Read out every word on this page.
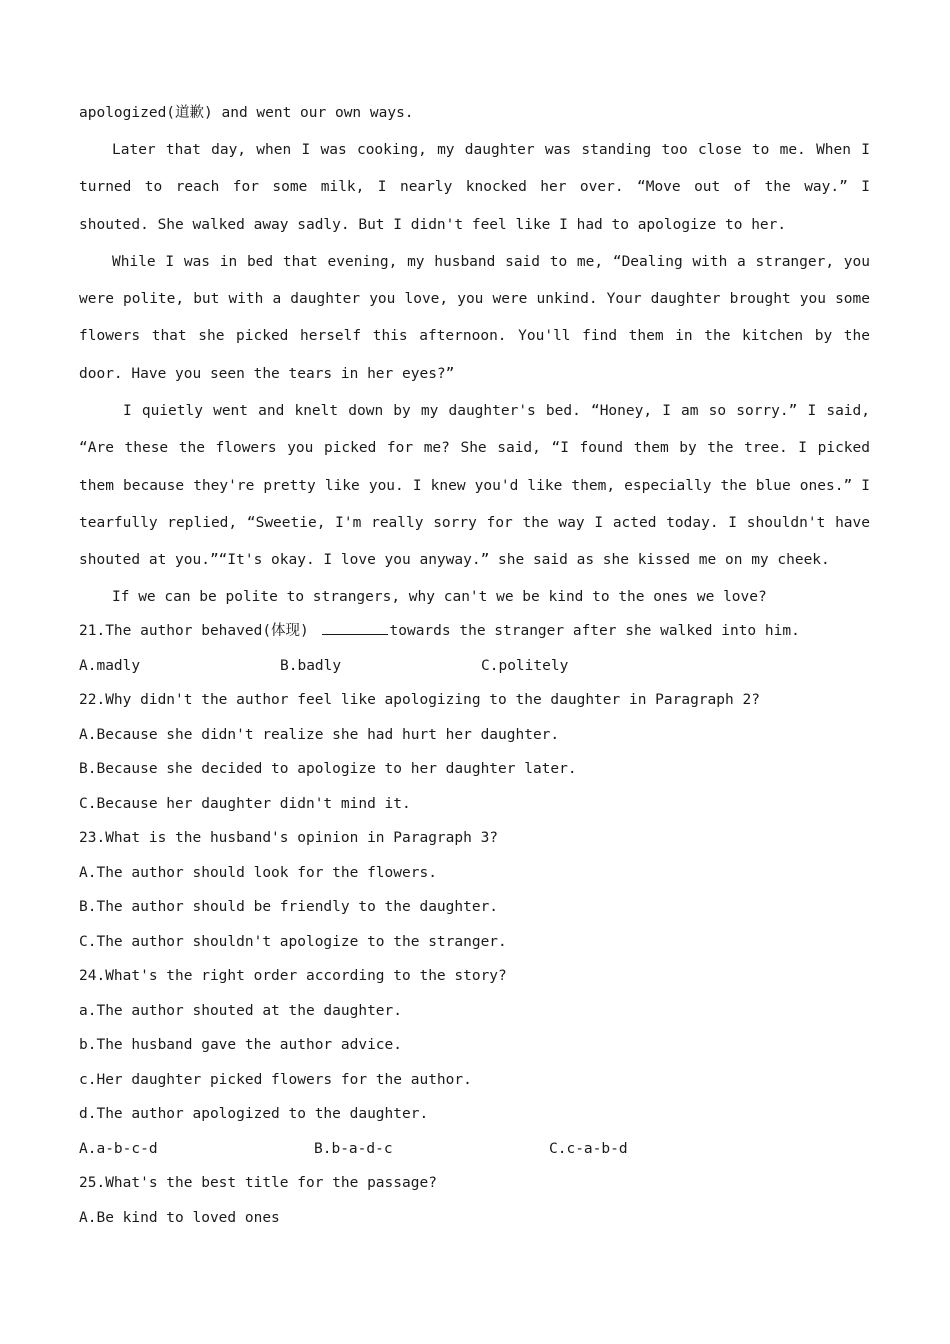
apologized(道歉) and went our own ways.

Later that day, when I was cooking, my daughter was standing too close to me. When I turned to reach for some milk, I nearly knocked her over. “Move out of the way.” I shouted. She walked away sadly. But I didn't feel like I had to apologize to her.

While I was in bed that evening, my husband said to me, “Dealing with a stranger, you were polite, but with a daughter you love, you were unkind. Your daughter brought you some flowers that she picked herself this afternoon. You'll find them in the kitchen by the door. Have you seen the tears in her eyes?”

I quietly went and knelt down by my daughter's bed. “Honey, I am so sorry.” I said, “Are these the flowers you picked for me? She said, “I found them by the tree. I picked them because they're pretty like you. I knew you'd like them, especially the blue ones.” I tearfully replied, “Sweetie, I'm really sorry for the way I acted today. I shouldn't have shouted at you.”“It's okay. I love you anyway.” she said as she kissed me on my cheek.

If we can be polite to strangers, why can't we be kind to the ones we love?
21.The author behaved(体现)	towards the stranger after she walked into him.
A.madly	B.badly	C.politely
22.Why didn't the author feel like apologizing to the daughter in Paragraph 2?
A.Because she didn't realize she had hurt her daughter.
B.Because she decided to apologize to her daughter later.
C.Because her daughter didn't mind it.
23.What is the husband's opinion in Paragraph 3?
A.The author should look for the flowers.
B.The author should be friendly to the daughter.
C.The author shouldn't apologize to the stranger.
24.What's the right order according to the story?
a.The author shouted at the daughter.
b.The husband gave the author advice.
c.Her daughter picked flowers for the author.
d.The author apologized to the daughter.
A.a-b-c-d	B.b-a-d-c	C.c-a-b-d
25.What's the best title for the passage?
A.Be kind to loved ones
